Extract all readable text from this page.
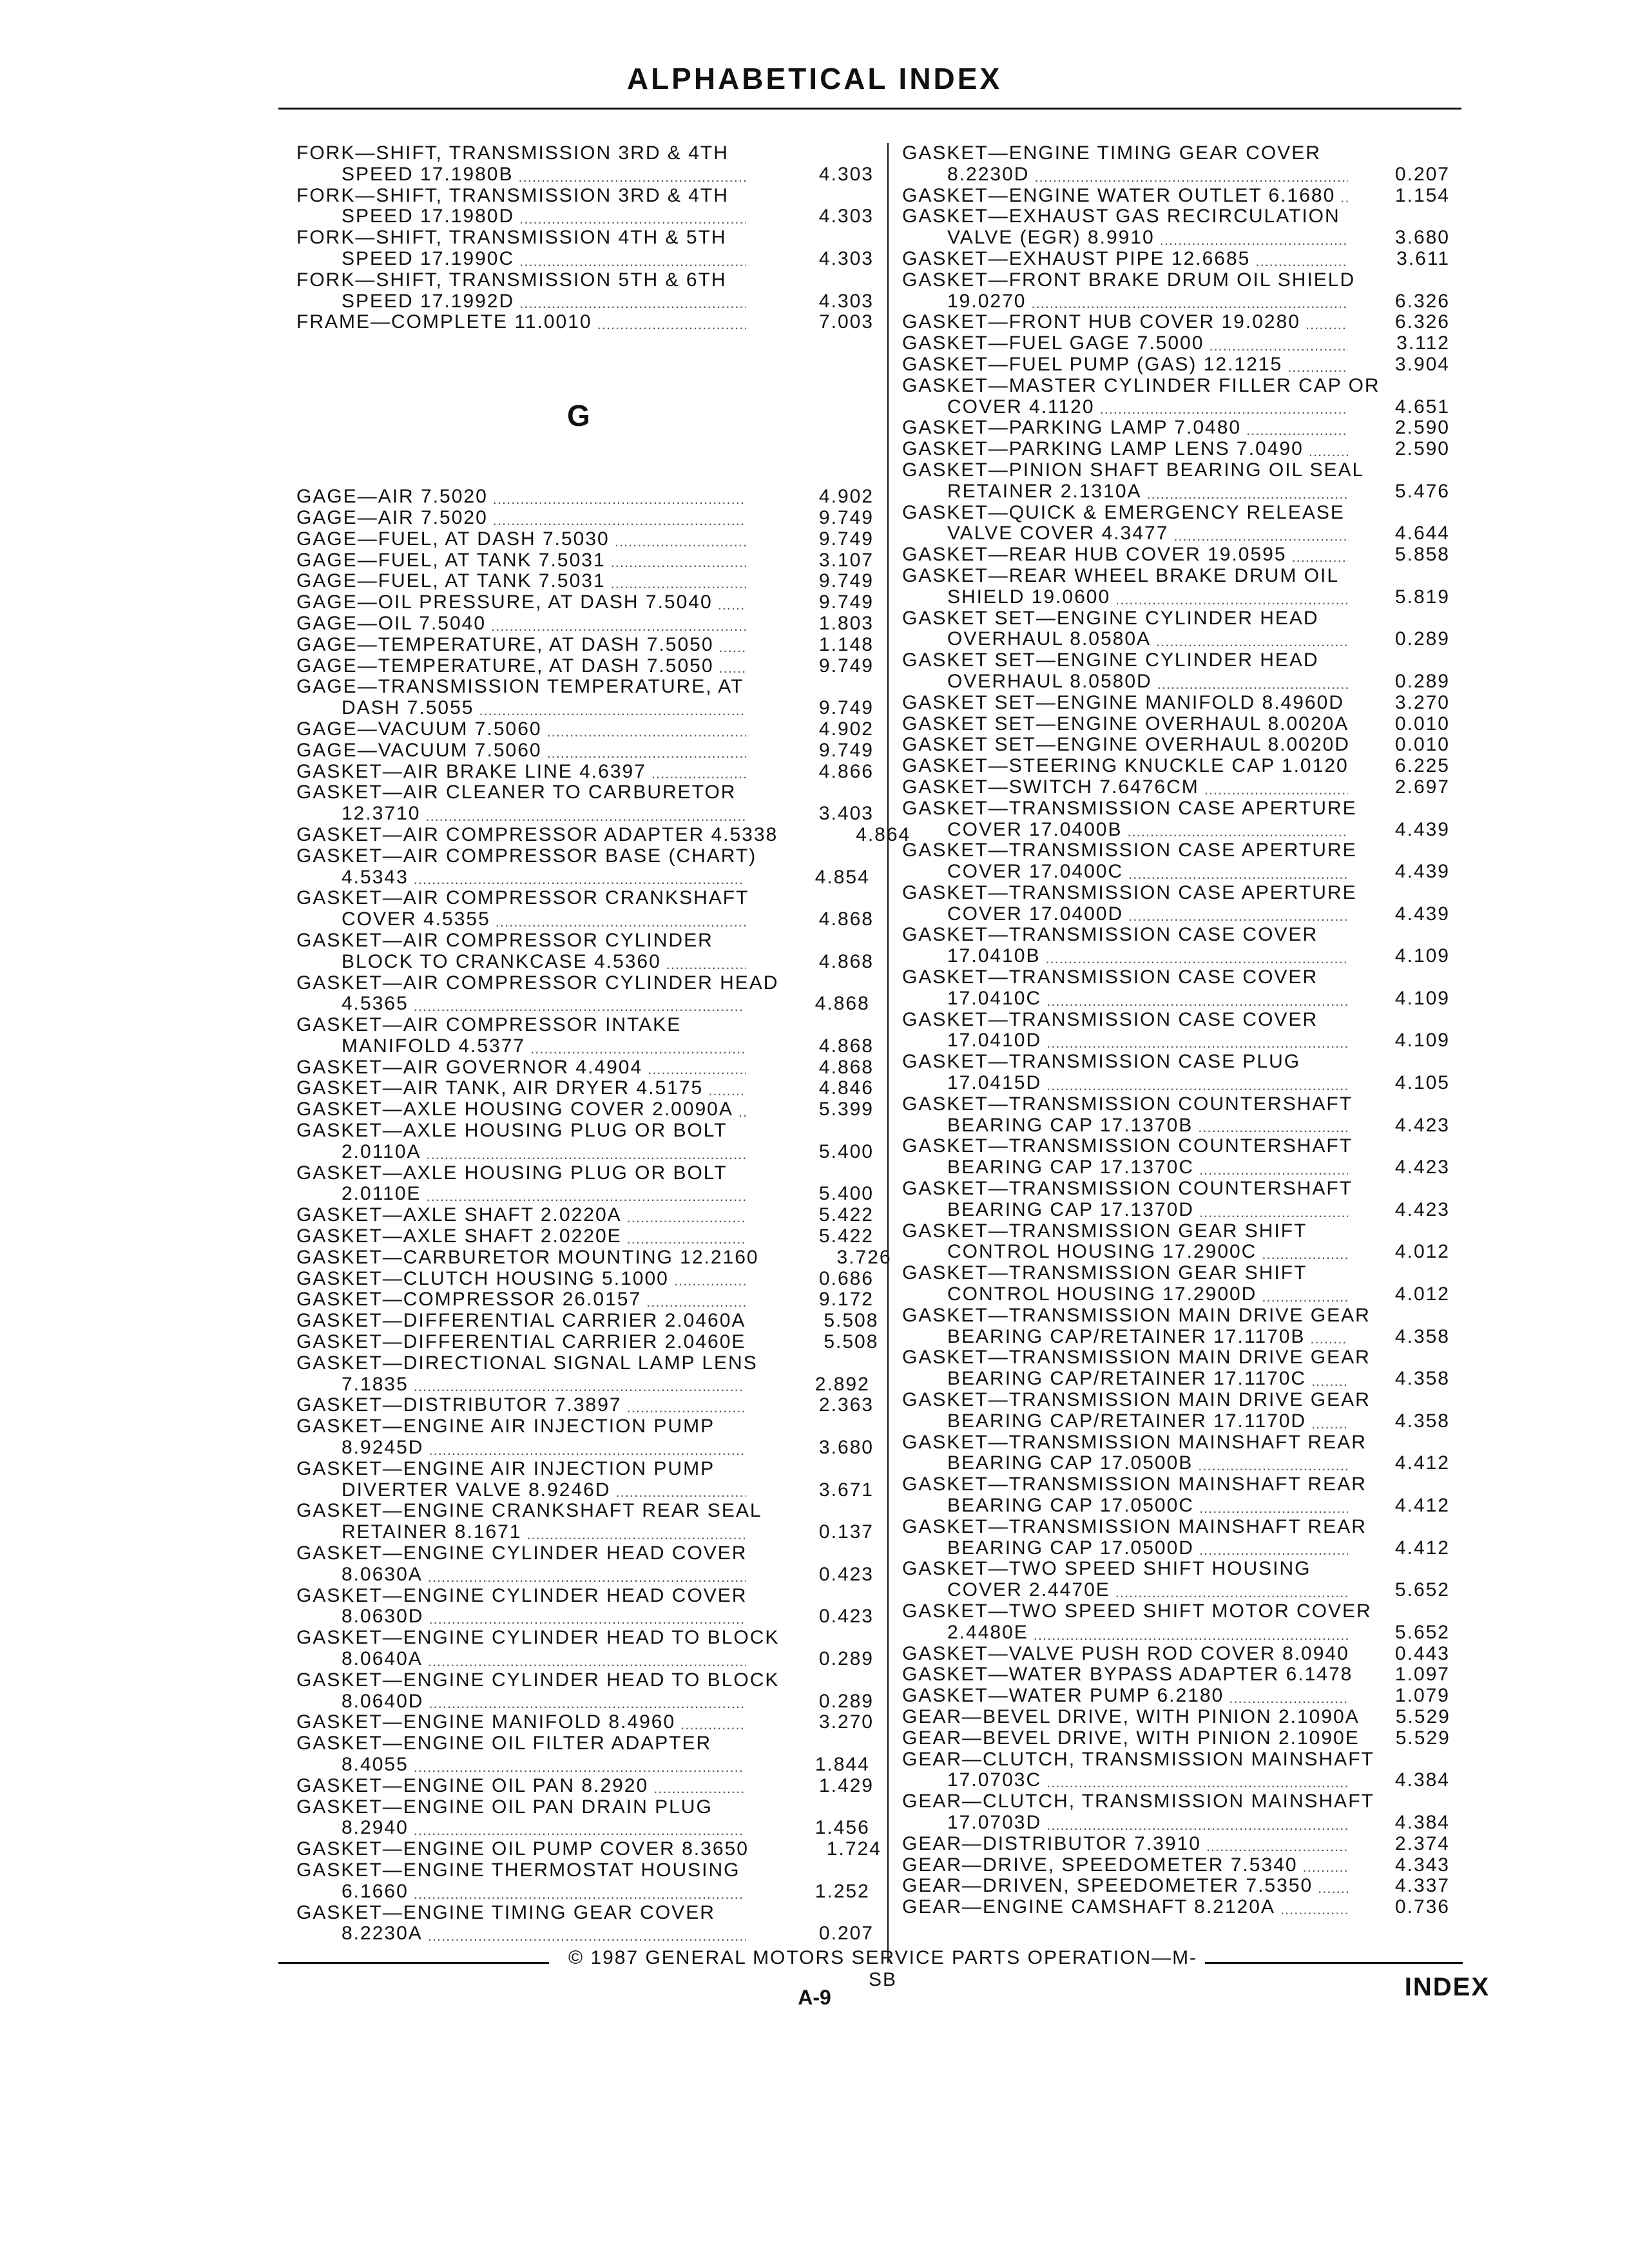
ALPHABETICAL INDEX
FORK—SHIFT, TRANSMISSION 3RD & 4TH
SPEED 17.1980B .....	4.303
FORK—SHIFT, TRANSMISSION 3RD & 4TH
SPEED 17.1980D .....	4.303
FORK—SHIFT, TRANSMISSION 4TH & 5TH
SPEED 17.1990C .....	4.303
FORK—SHIFT, TRANSMISSION 5TH & 6TH
SPEED 17.1992D .....	4.303
FRAME—COMPLETE 11.0010 .....	7.003
G
GAGE—AIR 7.5020 .....	4.902
GAGE—AIR 7.5020 .....	9.749
GAGE—FUEL, AT DASH 7.5030 .....	9.749
GAGE—FUEL, AT TANK 7.5031 .....	3.107
GAGE—FUEL, AT TANK 7.5031 .....	9.749
GAGE—OIL PRESSURE, AT DASH 7.5040 .....	9.749
GAGE—OIL 7.5040 .....	1.803
GAGE—TEMPERATURE, AT DASH 7.5050 .....	1.148
GAGE—TEMPERATURE, AT DASH 7.5050 .....	9.749
GAGE—TRANSMISSION TEMPERATURE, AT
DASH 7.5055 .....	9.749
GAGE—VACUUM 7.5060 .....	4.902
GAGE—VACUUM 7.5060 .....	9.749
GASKET—AIR BRAKE LINE 4.6397 .....	4.866
GASKET—AIR CLEANER TO CARBURETOR
12.3710 .....	3.403
GASKET—AIR COMPRESSOR ADAPTER 4.5338	4.864
GASKET—AIR COMPRESSOR BASE (CHART)
4.5343 .....	4.854
GASKET—AIR COMPRESSOR CRANKSHAFT
COVER 4.5355 .....	4.868
GASKET—AIR COMPRESSOR CYLINDER
BLOCK TO CRANKCASE 4.5360 .....	4.868
GASKET—AIR COMPRESSOR CYLINDER HEAD
4.5365 .....	4.868
GASKET—AIR COMPRESSOR INTAKE
MANIFOLD 4.5377 .....	4.868
GASKET—AIR GOVERNOR 4.4904 .....	4.868
GASKET—AIR TANK, AIR DRYER 4.5175 .....	4.846
GASKET—AXLE HOUSING COVER 2.0090A .....	5.399
GASKET—AXLE HOUSING PLUG OR BOLT
2.0110A .....	5.400
GASKET—AXLE HOUSING PLUG OR BOLT
2.0110E .....	5.400
GASKET—AXLE SHAFT 2.0220A .....	5.422
GASKET—AXLE SHAFT 2.0220E .....	5.422
GASKET—CARBURETOR MOUNTING 12.2160	3.726
GASKET—CLUTCH HOUSING 5.1000 .....	0.686
GASKET—COMPRESSOR 26.0157 .....	9.172
GASKET—DIFFERENTIAL CARRIER 2.0460A	5.508
GASKET—DIFFERENTIAL CARRIER 2.0460E	5.508
GASKET—DIRECTIONAL SIGNAL LAMP LENS
7.1835 .....	2.892
GASKET—DISTRIBUTOR 7.3897 .....	2.363
GASKET—ENGINE AIR INJECTION PUMP
8.9245D .....	3.680
GASKET—ENGINE AIR INJECTION PUMP
DIVERTER VALVE 8.9246D .....	3.671
GASKET—ENGINE CRANKSHAFT REAR SEAL
RETAINER 8.1671 .....	0.137
GASKET—ENGINE CYLINDER HEAD COVER
8.0630A .....	0.423
GASKET—ENGINE CYLINDER HEAD COVER
8.0630D .....	0.423
GASKET—ENGINE CYLINDER HEAD TO BLOCK
8.0640A .....	0.289
GASKET—ENGINE CYLINDER HEAD TO BLOCK
8.0640D .....	0.289
GASKET—ENGINE MANIFOLD 8.4960 .....	3.270
GASKET—ENGINE OIL FILTER ADAPTER
8.4055 .....	1.844
GASKET—ENGINE OIL PAN 8.2920 .....	1.429
GASKET—ENGINE OIL PAN DRAIN PLUG
8.2940 .....	1.456
GASKET—ENGINE OIL PUMP COVER 8.3650	1.724
GASKET—ENGINE THERMOSTAT HOUSING
6.1660 .....	1.252
GASKET—ENGINE TIMING GEAR COVER
8.2230A .....	0.207
GASKET—ENGINE TIMING GEAR COVER
8.2230D .....	0.207
GASKET—ENGINE WATER OUTLET 6.1680 .....	1.154
GASKET—EXHAUST GAS RECIRCULATION
VALVE (EGR) 8.9910 .....	3.680
GASKET—EXHAUST PIPE 12.6685 .....	3.611
GASKET—FRONT BRAKE DRUM OIL SHIELD
19.0270 .....	6.326
GASKET—FRONT HUB COVER 19.0280 .....	6.326
GASKET—FUEL GAGE 7.5000 .....	3.112
GASKET—FUEL PUMP (GAS) 12.1215 .....	3.904
GASKET—MASTER CYLINDER FILLER CAP OR
COVER 4.1120 .....	4.651
GASKET—PARKING LAMP 7.0480 .....	2.590
GASKET—PARKING LAMP LENS 7.0490 .....	2.590
GASKET—PINION SHAFT BEARING OIL SEAL
RETAINER 2.1310A .....	5.476
GASKET—QUICK & EMERGENCY RELEASE
VALVE COVER 4.3477 .....	4.644
GASKET—REAR HUB COVER 19.0595 .....	5.858
GASKET—REAR WHEEL BRAKE DRUM OIL
SHIELD 19.0600 .....	5.819
GASKET SET—ENGINE CYLINDER HEAD
OVERHAUL 8.0580A .....	0.289
GASKET SET—ENGINE CYLINDER HEAD
OVERHAUL 8.0580D .....	0.289
GASKET SET—ENGINE MANIFOLD 8.4960D	3.270
GASKET SET—ENGINE OVERHAUL 8.0020A	0.010
GASKET SET—ENGINE OVERHAUL 8.0020D	0.010
GASKET—STEERING KNUCKLE CAP 1.0120	6.225
GASKET—SWITCH 7.6476CM .....	2.697
GASKET—TRANSMISSION CASE APERTURE
COVER 17.0400B .....	4.439
GASKET—TRANSMISSION CASE APERTURE
COVER 17.0400C .....	4.439
GASKET—TRANSMISSION CASE APERTURE
COVER 17.0400D .....	4.439
GASKET—TRANSMISSION CASE COVER
17.0410B .....	4.109
GASKET—TRANSMISSION CASE COVER
17.0410C .....	4.109
GASKET—TRANSMISSION CASE COVER
17.0410D .....	4.109
GASKET—TRANSMISSION CASE PLUG
17.0415D .....	4.105
GASKET—TRANSMISSION COUNTERSHAFT
BEARING CAP 17.1370B .....	4.423
GASKET—TRANSMISSION COUNTERSHAFT
BEARING CAP 17.1370C .....	4.423
GASKET—TRANSMISSION COUNTERSHAFT
BEARING CAP 17.1370D .....	4.423
GASKET—TRANSMISSION GEAR SHIFT
CONTROL HOUSING 17.2900C .....	4.012
GASKET—TRANSMISSION GEAR SHIFT
CONTROL HOUSING 17.2900D .....	4.012
GASKET—TRANSMISSION MAIN DRIVE GEAR
BEARING CAP/RETAINER 17.1170B .....	4.358
GASKET—TRANSMISSION MAIN DRIVE GEAR
BEARING CAP/RETAINER 17.1170C .....	4.358
GASKET—TRANSMISSION MAIN DRIVE GEAR
BEARING CAP/RETAINER 17.1170D .....	4.358
GASKET—TRANSMISSION MAINSHAFT REAR
BEARING CAP 17.0500B .....	4.412
GASKET—TRANSMISSION MAINSHAFT REAR
BEARING CAP 17.0500C .....	4.412
GASKET—TRANSMISSION MAINSHAFT REAR
BEARING CAP 17.0500D .....	4.412
GASKET—TWO SPEED SHIFT HOUSING
COVER 2.4470E .....	5.652
GASKET—TWO SPEED SHIFT MOTOR COVER
2.4480E .....	5.652
GASKET—VALVE PUSH ROD COVER 8.0940	0.443
GASKET—WATER BYPASS ADAPTER 6.1478	1.097
GASKET—WATER PUMP 6.2180 .....	1.079
GEAR—BEVEL DRIVE, WITH PINION 2.1090A	5.529
GEAR—BEVEL DRIVE, WITH PINION 2.1090E	5.529
GEAR—CLUTCH, TRANSMISSION MAINSHAFT
17.0703C .....	4.384
GEAR—CLUTCH, TRANSMISSION MAINSHAFT
17.0703D .....	4.384
GEAR—DISTRIBUTOR 7.3910 .....	2.374
GEAR—DRIVE, SPEEDOMETER 7.5340 .....	4.343
GEAR—DRIVEN, SPEEDOMETER 7.5350 .....	4.337
GEAR—ENGINE CAMSHAFT 8.2120A .....	0.736
© 1987 GENERAL MOTORS SERVICE PARTS OPERATION—M-SB
A-9	INDEX
